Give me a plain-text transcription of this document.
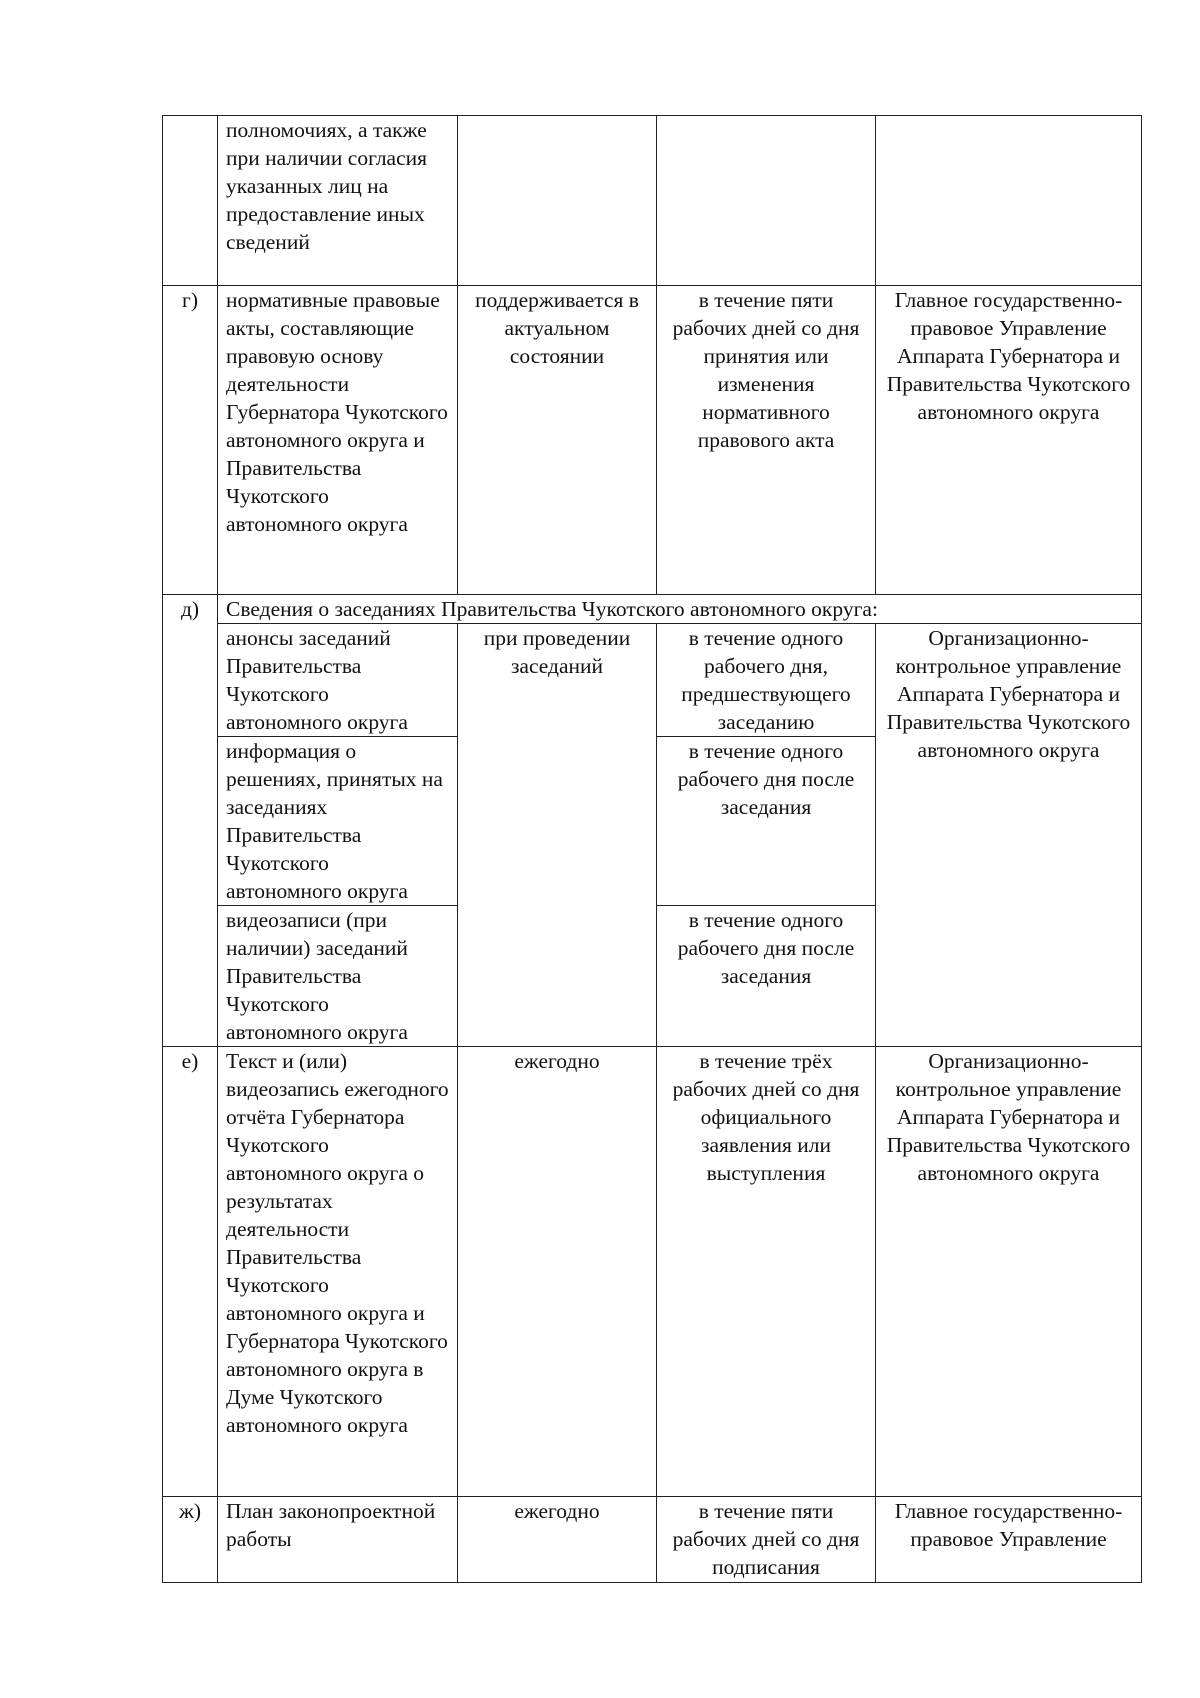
	полномочиях, а также при наличии согласия указанных лиц на предоставление иных сведений			
г)	нормативные правовые акты, составляющие правовую основу деятельности Губернатора Чукотского автономного округа и Правительства Чукотского автономного округа	поддерживается в актуальном состоянии	в течение пяти рабочих дней со дня принятия или изменения нормативного правового акта	Главное государственно-правовое Управление Аппарата Губернатора и Правительства Чукотского автономного округа
д)	Сведения о заседаниях Правительства Чукотского автономного округа:			
	анонсы заседаний Правительства Чукотского автономного округа	при проведении заседаний	в течение одного рабочего дня, предшествующего заседанию	Организационно-контрольное управление Аппарата Губернатора и Правительства Чукотского автономного округа
	информация о решениях, принятых на заседаниях Правительства Чукотского автономного округа		в течение одного рабочего дня после заседания	
	видеозаписи (при наличии) заседаний Правительства Чукотского автономного округа		в течение одного рабочего дня после заседания	
е)	Текст и (или) видеозапись ежегодного отчёта Губернатора Чукотского автономного округа о результатах деятельности Правительства Чукотского автономного округа и Губернатора Чукотского автономного округа в Думе Чукотского автономного округа	ежегодно	в течение трёх рабочих дней со дня официального заявления или выступления	Организационно-контрольное управление Аппарата Губернатора и Правительства Чукотского автономного округа
ж)	План законопроектной работы	ежегодно	в течение пяти рабочих дней со дня подписания	Главное государственно-правовое Управление
